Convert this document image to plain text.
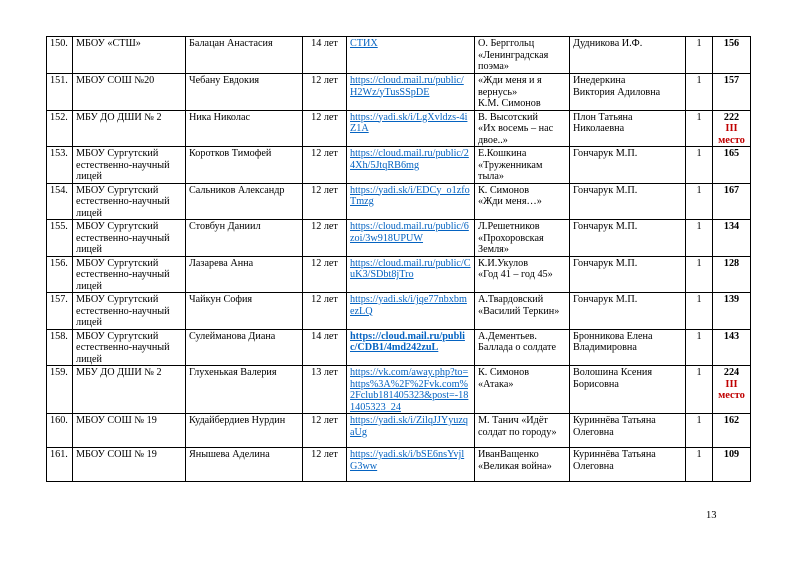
150.	МБОУ «СТШ»	Балацан Анастасия	14 лет	СТИХ	О. Берггольц
«Ленинградская
поэма»	Дудникова И.Ф.	1	156
151.	МБОУ СОШ №20	Чебану Евдокия	12 лет	https://cloud.mail.ru/public/H2Wz/yTusSSpDE	«Жди меня и я
вернусь»
К.М. Симонов	Инедеркина
Виктория Адиловна	1	157
152.	МБУ ДО ДШИ № 2	Ника Николас	12 лет	https://yadi.sk/i/LgXvldzs-4iZ1A	В. Высотский
«Их восемь – нас
двое..»	Плон Татьяна
Николаевна	1	222
III место

153.	МБОУ Сургутский
естественно-научный
лицей	Коротков Тимофей	12 лет	https://cloud.mail.ru/public/24Xh/5JtqRB6mg	Е.Кошкина
«Труженникам
тыла»	Гончарук М.П.	1	165
154.	МБОУ Сургутский
естественно-научный
лицей	Сальников Александр	12 лет	https://yadi.sk/i/EDCy_o1zfoTmzg	К. Симонов
«Жди меня…»	Гончарук М.П.	1	167
155.	МБОУ Сургутский
естественно-научный
лицей	Стовбун Даниил	12 лет	https://cloud.mail.ru/public/6zoi/3w918UPUW	Л.Решетников
«Прохоровская
Земля»	Гончарук М.П.	1	134
156.	МБОУ Сургутский
естественно-научный
лицей	Лазарева Анна	12 лет	https://cloud.mail.ru/public/CuK3/SDbt8jTro	К.И.Укулов
«Год 41 – год 45»	Гончарук М.П.	1	128
157.	МБОУ Сургутский
естественно-научный
лицей	Чайкун София	12 лет	https://yadi.sk/i/jqe77nbxbmezLQ	А.Твардовский
«Василий Теркин»	Гончарук М.П.	1	139
158.	МБОУ Сургутский
естественно-научный
лицей	Сулейманова Диана	14 лет	https://cloud.mail.ru/public/CDB1/4md242zuL	А.Дементьев.
Баллада о солдате	Бронникова Елена
Владимировна	1	143
159.	МБУ ДО ДШИ № 2	Глухенькая Валерия	13 лет	https://vk.com/away.php?to=https%3A%2F%2Fvk.com%2Fclub181405323&post=-181405323_24	К. Симонов
«Атака»	Волошина Ксения
Борисовна	1	224
III
место

160.	МБОУ СОШ № 19	Кудайбердиев Нурдин	12 лет	https://yadi.sk/i/ZilqJJYyuzqaUg	М. Танич «Идёт
солдат по городу»	Куриннёва Татьяна
Олеговна	1	162
161.	МБОУ СОШ № 19	Янышева Аделина	12 лет	https://yadi.sk/i/bSE6nsYvjlG3ww	ИванВащенко
«Великая война»	Куриннёва Татьяна
Олеговна	1	109
13
